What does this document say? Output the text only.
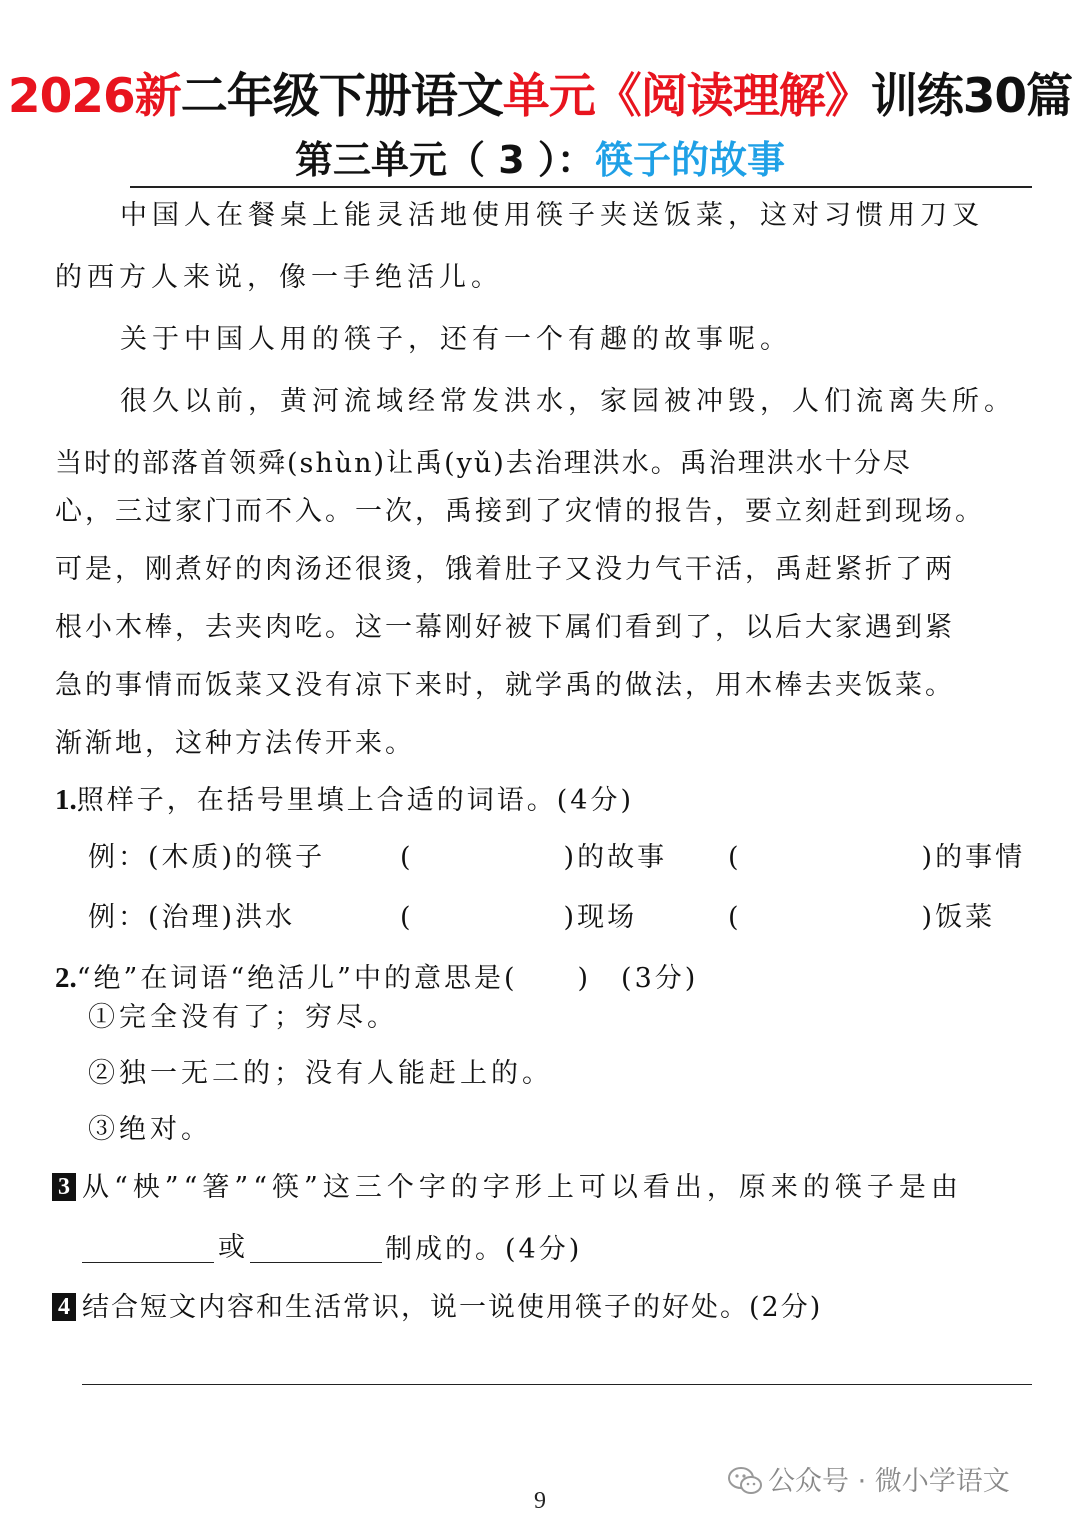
2026新二年级下册语文单元《阅读理解》训练30篇
第三单元（ 3 ）：筷子的故事
中国人在餐桌上能灵活地使用筷子夹送饭菜，这对习惯用刀叉
的西方人来说，像一手绝活儿。
关于中国人用的筷子，还有一个有趣的故事呢。
很久以前，黄河流域经常发洪水，家园被冲毁，人们流离失所。
当时的部落首领舜(shùn)让禹(yǔ)去治理洪水。禹治理洪水十分尽
心，三过家门而不入。一次，禹接到了灾情的报告，要立刻赶到现场。
可是，刚煮好的肉汤还很烫，饿着肚子又没力气干活，禹赶紧折了两
根小木棒，去夹肉吃。这一幕刚好被下属们看到了，以后大家遇到紧
急的事情而饭菜又没有凉下来时，就学禹的做法，用木棒去夹饭菜。
渐渐地，这种方法传开来。
1.照样子，在括号里填上合适的词语。(4分)
例：(木质)的筷子	(　　　　　)的故事 (　　　　　　)的事情
例：(治理)洪水	(　　　　　)现场	(　　　　　　)饭菜
2.“绝”在词语“绝活儿”中的意思是(　　)　(3分)
①完全没有了；穷尽。
②独一无二的；没有人能赶上的。
③绝对。
3 从“柍”“箸”“筷”这三个字的字形上可以看出，原来的筷子是由
或	制成的。(4分)
4 结合短文内容和生活常识，说一说使用筷子的好处。(2分)
公众号 · 微小学语文
9
